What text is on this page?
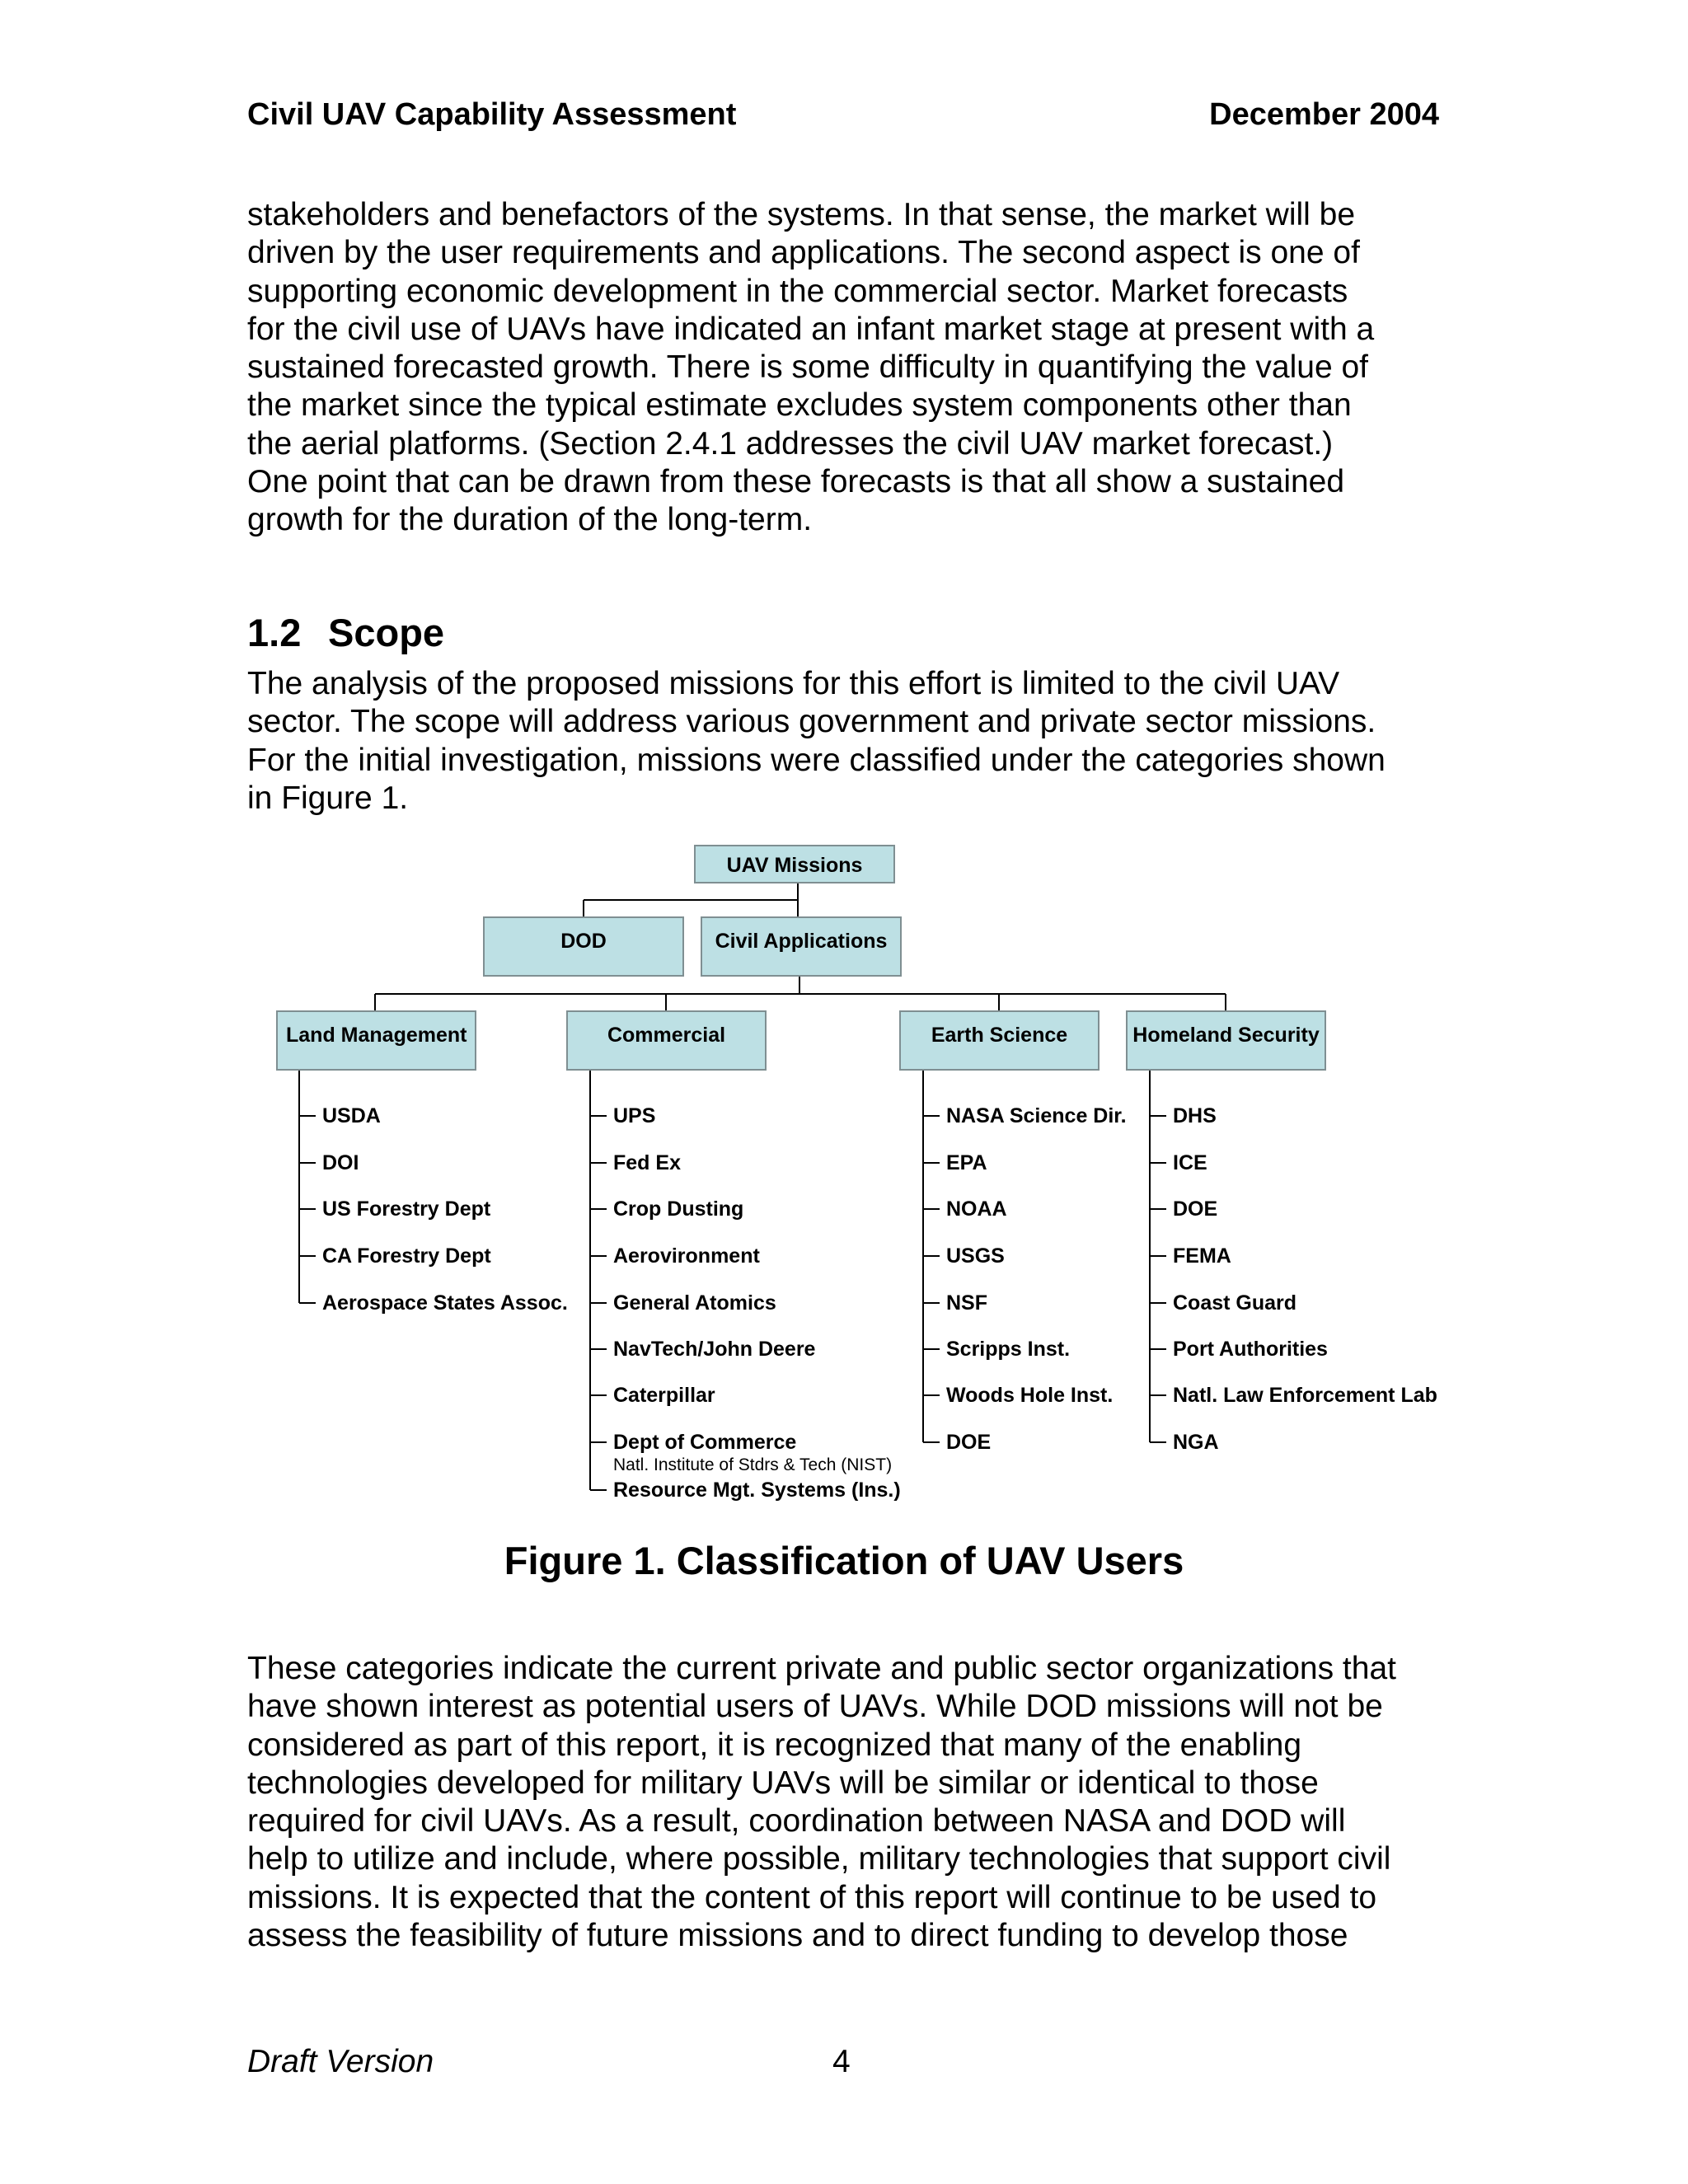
Civil UAV Capability Assessment	December 2004

stakeholders and benefactors of the systems. In that sense, the market will be
driven by the user requirements and applications. The second aspect is one of
supporting economic development in the commercial sector. Market forecasts
for the civil use of UAVs have indicated an infant market stage at present with a
sustained forecasted growth. There is some difficulty in quantifying the value of
the market since the typical estimate excludes system components other than
the aerial platforms. (Section 2.4.1 addresses the civil UAV market forecast.)
One point that can be drawn from these forecasts is that all show a sustained
growth for the duration of the long-term.

1.2 Scope

The analysis of the proposed missions for this effort is limited to the civil UAV
sector. The scope will address various government and private sector missions.
For the initial investigation, missions were classified under the categories shown
in Figure 1.

UAV Missions
DOD	Civil Applications
Land Management	Commercial	Earth Science	Homeland Security
USDA
DOI
US Forestry Dept
CA Forestry Dept
Aerospace States Assoc.
UPS
Fed Ex
Crop Dusting
Aerovironment
General Atomics
NavTech/John Deere
Caterpillar
Dept of Commerce
Natl. Institute of Stdrs & Tech (NIST)
Resource Mgt. Systems (Ins.)
NASA Science Dir.
EPA
NOAA
USGS
NSF
Scripps Inst.
Woods Hole Inst.
DOE
DHS
ICE
DOE
FEMA
Coast Guard
Port Authorities
Natl. Law Enforcement Lab
NGA
Figure 1. Classification of UAV Users

These categories indicate the current private and public sector organizations that
have shown interest as potential users of UAVs. While DOD missions will not be
considered as part of this report, it is recognized that many of the enabling
technologies developed for military UAVs will be similar or identical to those
required for civil UAVs. As a result, coordination between NASA and DOD will
help to utilize and include, where possible, military technologies that support civil
missions. It is expected that the content of this report will continue to be used to
assess the feasibility of future missions and to direct funding to develop those

Draft Version	4
